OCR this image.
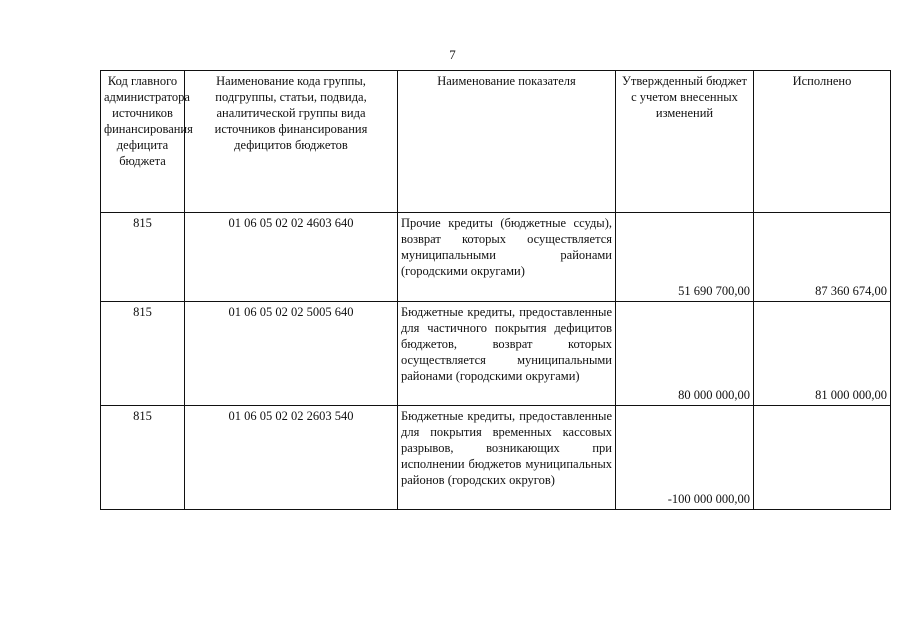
7
Код главного администратора источников финансирования дефицита бюджета	Наименование кода группы, подгруппы, статьи, подвида, аналитической группы вида источников финансирования дефицитов бюджетов	Наименование показателя	Утвержденный бюджет с учетом внесенных изменений	Исполнено
815	01 06 05 02 02 4603 640	Прочие кредиты (бюджетные ссуды), возврат которых осуществляется муниципальными районами (городскими округами)	51 690 700,00	87 360 674,00
815	01 06 05 02 02 5005 640	Бюджетные кредиты, предоставленные для частичного покрытия дефицитов бюджетов, возврат которых осуществляется муниципальными районами (городскими округами)	80 000 000,00	81 000 000,00
815	01 06 05 02 02 2603 540	Бюджетные кредиты, предоставленные для покрытия временных кассовых разрывов, возникающих при исполнении бюджетов муниципальных районов (городских округов)	-100 000 000,00	
